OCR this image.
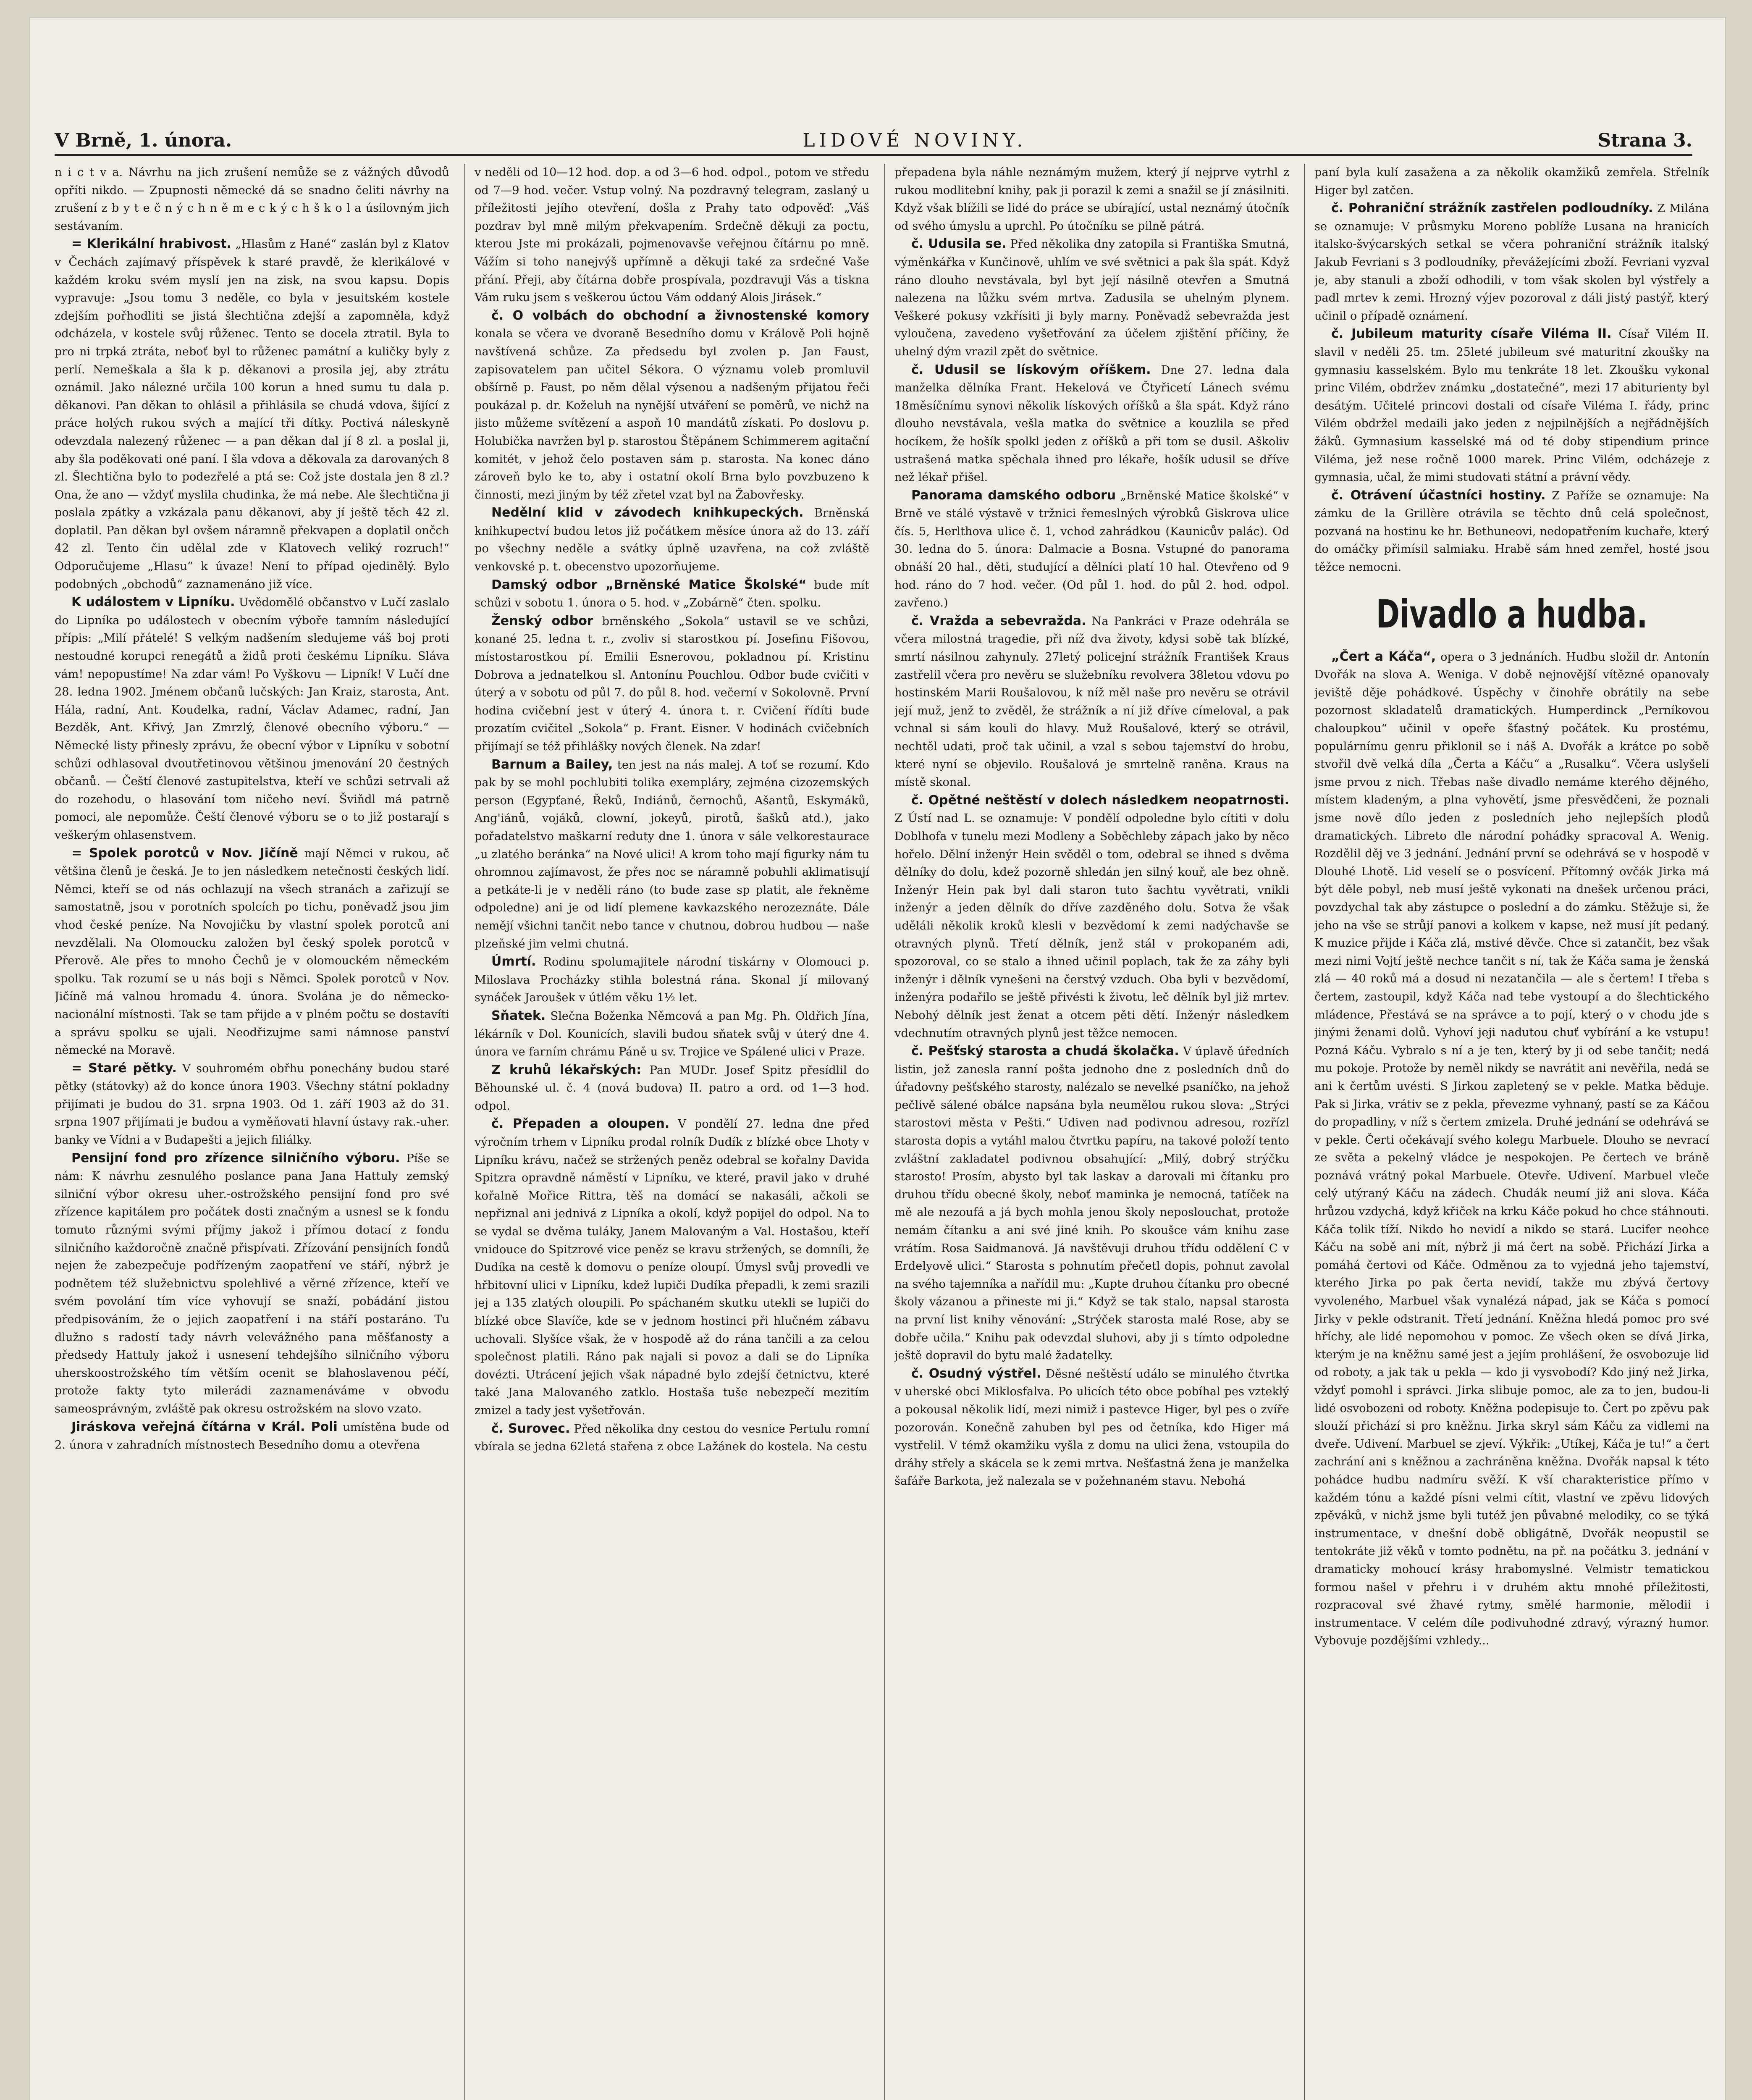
V Brně, 1. února.	LIDOVÉ NOVINY.	Strana 3.

n i c t v a. Návrhu na jich zrušení nemůže se z vážných důvodů opříti nikdo. — Zpupnosti německé dá se snadno čeliti návrhy na zrušení z b y t e č n ý c h n ě m e c k ý c h š k o l a úsilovným jich sestávaním.

= Klerikální hrabivost. „Hlasům z Hané“ zaslán byl z Klatov v Čechách zajímavý příspěvek k staré pravdě, že klerikálové v každém kroku svém myslí jen na zisk, na svou kapsu. Dopis vypravuje: „Jsou tomu 3 neděle, co byla v jesuitském kostele zdejším pořhodliti se jistá šlechtična zdejší a zapomněla, když odcházela, v kostele svůj růženec. Tento se docela ztratil. Byla to pro ni trpká ztráta, neboť byl to růženec památní a kuličky byly z perlí. Nemeškala a šla k p. děkanovi a prosila jej, aby ztrátu oznámil. Jako nálezné určila 100 korun a hned sumu tu dala p. děkanovi. Pan děkan to ohlásil a přihlásila se chudá vdova, šijící z práce holých rukou svých a mající tři dítky. Poctivá náleskyně odevzdala nalezený růženec — a pan děkan dal jí 8 zl. a poslal ji, aby šla poděkovati oné paní. I šla vdova a děkovala za darovaných 8 zl. Šlechtična bylo to podezřelé a ptá se: Což jste dostala jen 8 zl.? Ona, že ano — vždyť myslila chudinka, že má nebe. Ale šlechtična ji poslala zpátky a vzkázala panu děkanovi, aby jí ještě těch 42 zl. doplatil. Pan děkan byl ovšem náramně překvapen a doplatil ončch 42 zl. Tento čin udělal zde v Klatovech veliký rozruch!“ Odporučujeme „Hlasu“ k úvaze! Není to případ ojedinělý. Bylo podobných „obchodů“ zaznamenáno již více.

K událostem v Lipníku. Uvědomělé občanstvo v Lučí zaslalo do Lipníka po událostech v obecním výboře tamním následující přípis: „Milí přátelé! S velkým nadšením sledujeme váš boj proti nestoudné korupci renegátů a židů proti českému Lipníku. Sláva vám! nepopustíme! Na zdar vám! Po Vyškovu — Lipník! V Lučí dne 28. ledna 1902. Jménem občanů lučských: Jan Kraiz, starosta, Ant. Hála, radní, Ant. Koudelka, radní, Václav Adamec, radní, Jan Bezděk, Ant. Křivý, Jan Zmrzlý, členové obecního výboru.“ — Německé listy přinesly zprávu, že obecní výbor v Lipníku v sobotní schůzi odhlasoval dvoutřetinovou většinou jmenování 20 čestných občanů. — Čeští členové zastupitelstva, kteří ve schůzi setrvali až do rozehodu, o hlasování tom ničeho neví. Šviňdl má patrně pomoci, ale nepomůže. Čeští členové výboru se o to již postarají s veškerým ohlasenstvem.

= Spolek porotců v Nov. Jičíně mají Němci v rukou, ač většina členů je česká. Je to jen následkem netečnosti českých lidí. Němci, kteří se od nás ochlazují na všech stranách a zařizují se samostatně, jsou v porotních spolcích po tichu, poněvadž jsou jim vhod české peníze. Na Novojičku by vlastní spolek porotců ani nevzdělali. Na Olomoucku založen byl český spolek porotců v Přerově. Ale přes to mnoho Čechů je v olomouckém německém spolku. Tak rozumí se u nás boji s Němci. Spolek porotců v Nov. Jičíně má valnou hromadu 4. února. Svolána je do německo-nacionální místnosti. Tak se tam přijde a v plném počtu se dostavíti a správu spolku se ujali. Neodřizujme sami námnose panství německé na Moravě.

= Staré pětky. V souhromém obřhu ponechány budou staré pětky (státovky) až do konce února 1903. Všechny státní pokladny přijímati je budou do 31. srpna 1903. Od 1. září 1903 až do 31. srpna 1907 přijímati je budou a vyměňovati hlavní ústavy rak.-uher. banky ve Vídni a v Budapešti a jejich filiálky.

Pensijní fond pro zřízence silničního výboru. Píše se nám: K návrhu zesnulého poslance pana Jana Hattuly zemský silniční výbor okresu uher.-ostrožského pensijní fond pro své zřízence kapitálem pro počátek dosti značným a usnesl se k fondu tomuto různými svými příjmy jakož i přímou dotací z fondu silničního každoročně značně přispívati. Zřízování pensijních fondů nejen že zabezpečuje podřízeným zaopatření ve stáří, nýbrž je podnětem též služebnictvu spolehlivé a věrné zřízence, kteří ve svém povolání tím více vyhovují se snaží, pobádání jistou předpisováním, že o jejich zaopatření i na stáří postaráno. Tu dlužno s radostí tady návrh velevážného pana měšťanosty a předsedy Hattuly jakož i usnesení tehdejšího silničního výboru uherskoostrožského tím větším ocenit se blahoslavenou péčí, protože fakty tyto milerádi zaznamenáváme v obvodu sameosprávným, zvláště pak okresu ostrožském na slovo vzato.

Jiráskova veřejná čítárna v Král. Poli umístěna bude od 2. února v zahradních místnostech Besedního domu a otevřena

v neděli od 10—12 hod. dop. a od 3—6 hod. odpol., potom ve středu od 7—9 hod. večer. Vstup volný. Na pozdravný telegram, zaslaný u příležitosti jejího otevření, došla z Prahy tato odpověď: „Váš pozdrav byl mně milým překvapením. Srdečně děkuji za poctu, kterou Jste mi prokázali, pojmenovavše veřejnou čítárnu po mně. Vážím si toho nanejvýš upřímně a děkuji také za srdečné Vaše přání. Přeji, aby čítárna dobře prospívala, pozdravuji Vás a tiskna Vám ruku jsem s veškerou úctou Vám oddaný Alois Jirásek.“

č. O volbách do obchodní a živnostenské komory konala se včera ve dvoraně Besedního domu v Králově Poli hojně navštívená schůze. Za předsedu byl zvolen p. Jan Faust, zapisovatelem pan učitel Sékora. O významu voleb promluvil obšírně p. Faust, po něm dělal výsenou a nadšeným přijatou řeči poukázal p. dr. Koželuh na nynější utváření se poměrů, ve nichž na jisto můžeme svítězení a aspoň 10 mandátů získati. Po doslovu p. Holubička navržen byl p. starostou Štěpánem Schimmerem agitační komitét, v jehož čelo postaven sám p. starosta. Na konec dáno zároveň bylo ke to, aby i ostatní okolí Brna bylo povzbuzeno k činnosti, mezi jiným by též zřetel vzat byl na Žabovřesky.

Nedělní klid v závodech knihkupeckých. Brněnská knihkupectví budou letos již počátkem měsíce února až do 13. září po všechny neděle a svátky úplně uzavřena, na což zvláště venkovské p. t. obecenstvo upozorňujeme.

Damský odbor „Brněnské Matice Školské“ bude mít schůzi v sobotu 1. února o 5. hod. v „Zobárně“ čten. spolku.

Ženský odbor brněnského „Sokola“ ustavil se ve schůzi, konané 25. ledna t. r., zvoliv si starostkou pí. Josefinu Fišovou, místostarostkou pí. Emilii Esnerovou, pokladnou pí. Kristinu Dobrova a jednatelkou sl. Antonínu Pouchlou. Odbor bude cvičiti v úterý a v sobotu od půl 7. do půl 8. hod. večerní v Sokolovně. První hodina cvičební jest v úterý 4. února t. r. Cvičení řídíti bude prozatím cvičitel „Sokola“ p. Frant. Eisner. V hodinách cvičebních přijímají se též přihlášky nových členek. Na zdar!

Barnum a Bailey, ten jest na nás malej. A toť se rozumí. Kdo pak by se mohl pochlubiti tolika exempláry, zejména cizozemských person (Egypťané, Řeků, Indiánů, černochů, Ašantů, Eskymáků, Ang'iánů, vojáků, clowní, jokeyů, pirotů, šašků atd.), jako pořadatelstvo maškarní reduty dne 1. února v sále velkorestaurace „u zlatého beránka“ na Nové ulici! A krom toho mají figurky nám tu ohromnou zajímavost, že přes noc se náramně pobuhli aklimatisují a petkáte-li je v neděli ráno (to bude zase sp platit, ale řekněme odpoledne) ani je od lidí plemene kavkazského nerozeznáte. Dále nemějí všichni tančit nebo tance v chutnou, dobrou hudbou — naše plzeňské jim velmi chutná.

Úmrtí. Rodinu spolumajitele národní tiskárny v Olomouci p. Miloslava Procházky stihla bolestná rána. Skonal jí milovaný synáček Jaroušek v útlém věku 1½ let.

Sňatek. Slečna Boženka Němcová a pan Mg. Ph. Oldřich Jína, lékárník v Dol. Kounicích, slavili budou sňatek svůj v úterý dne 4. února ve farním chrámu Páně u sv. Trojice ve Spálené ulici v Praze.

Z kruhů lékařských: Pan MUDr. Josef Spitz přesídlil do Běhounské ul. č. 4 (nová budova) II. patro a ord. od 1—3 hod. odpol.

č. Přepaden a oloupen. V pondělí 27. ledna dne před výročním trhem v Lipníku prodal rolník Dudík z blízké obce Lhoty v Lipníku krávu, načež se stržených peněz odebral se kořalny Davida Spitzra opravdně náměstí v Lipníku, ve které, pravil jako v druhé kořalně Mořice Rittra, těš na domácí se nakasáli, ačkoli se nepřiznal ani jednivá z Lipníka a okolí, když popijel do odpol. Na to se vydal se dvěma tuláky, Janem Malovaným a Val. Hostašou, kteří vnidouce do Spitzrové vice peněz se kravu stržených, se domníli, že Dudíka na cestě k domovu o peníze oloupí. Úmysl svůj provedli ve hřbitovní ulici v Lipníku, kdež lupiči Dudíka přepadli, k zemi srazili jej a 135 zlatých oloupili. Po spáchaném skutku utekli se lupiči do blízké obce Slavíče, kde se v jednom hostinci při hlučném zábavu uchovali. Slyšíce však, že v hospodě až do rána tančili a za celou společnost platili. Ráno pak najali si povoz a dali se do Lipníka dovézti. Utrácení jejich však nápadné bylo zdejší četnictvu, které také Jana Malovaného zatklo. Hostaša tuše nebezpečí mezitím zmizel a tady jest vyšetřován.

č. Surovec. Před několika dny cestou do vesnice Pertulu romní vbírala se jedna 62letá stařena z obce Lažánek do kostela. Na cestu

přepadena byla náhle neznámým mužem, který jí nejprve vytrhl z rukou modlitební knihy, pak ji porazil k zemi a snažil se jí znásilniti. Když však blížili se lidé do práce se ubírající, ustal neznámý útočník od svého úmyslu a uprchl. Po útočníku se pilně pátrá.

č. Udusila se. Před několika dny zatopila si Františka Smutná, výměnkářka v Kunčinově, uhlím ve své světnici a pak šla spát. Když ráno dlouho nevstávala, byl byt její násilně otevřen a Smutná nalezena na lůžku svém mrtva. Zadusila se uhelným plynem. Veškeré pokusy vzkřísiti ji byly marny. Poněvadž sebevražda jest vyloučena, zavedeno vyšetřování za účelem zjištění příčiny, že uhelný dým vrazil zpět do světnice.

č. Udusil se lískovým oříškem. Dne 27. ledna dala manželka dělníka Frant. Hekelová ve Čtyřicetí Lánech svému 18měsíčnímu synovi několik lískových oříšků a šla spát. Když ráno dlouho nevstávala, vešla matka do světnice a kouzlila se před hocíkem, že hošík spolkl jeden z oříšků a při tom se dusil. Aškoliv ustrašená matka spěchala ihned pro lékaře, hošík udusil se dříve než lékař přišel.

Panorama damského odboru „Brněnské Matice školské“ v Brně ve stálé výstavě v tržnici řemeslných výrobků Giskrova ulice čís. 5, Herlthova ulice č. 1, vchod zahrádkou (Kaunicův palác). Od 30. ledna do 5. února: Dalmacie a Bosna. Vstupné do panorama obnáší 20 hal., děti, studující a dělníci platí 10 hal. Otevřeno od 9 hod. ráno do 7 hod. večer. (Od půl 1. hod. do půl 2. hod. odpol. zavřeno.)

č. Vražda a sebevražda. Na Pankráci v Praze odehrála se včera milostná tragedie, při níž dva životy, kdysi sobě tak blízké, smrtí násilnou zahynuly. 27letý policejní strážník František Kraus zastřelil včera pro nevěru se služebníku revolvera 38letou vdovu po hostinském Marii Roušalovou, k níž měl naše pro nevěru se otrávil její muž, jenž to zvěděl, že strážník a ní již dříve címeloval, a pak vchnal si sám kouli do hlavy. Muž Roušalové, který se otrávil, nechtěl udati, proč tak učinil, a vzal s sebou tajemství do hrobu, které nyní se objevilo. Roušalová je smrtelně raněna. Kraus na místě skonal.

č. Opětné neštěstí v dolech následkem neopatrnosti. Z Ústí nad L. se oznamuje: V pondělí odpoledne bylo cítiti v dolu Doblhofa v tunelu mezi Modleny a Soběchleby zápach jako by něco hořelo. Dělní inženýr Hein svěděl o tom, odebral se ihned s dvěma dělníky do dolu, kdež pozorně shledán jen silný kouř, ale bez ohně. Inženýr Hein pak byl dali staron tuto šachtu vyvětrati, vnikli inženýr a jeden dělník do dříve zazděného dolu. Sotva že však uděláli několik kroků klesli v bezvědomí k zemi nadýchavše se otravných plynů. Třetí dělník, jenž stál v prokopaném adi, spozoroval, co se stalo a ihned učinil poplach, tak že za záhy byli inženýr i dělník vynešeni na čerstvý vzduch. Oba byli v bezvědomí, inženýra podařilo se ještě přivésti k životu, leč dělník byl již mrtev. Nebohý dělník jest ženat a otcem pěti dětí. Inženýr následkem vdechnutím otravných plynů jest těžce nemocen.

č. Pešťský starosta a chudá školačka. V úplavě úředních listin, jež zanesla ranní pošta jednoho dne z posledních dnů do úřadovny pešťského starosty, nalézalo se nevelké psaníčko, na jehož pečlivě sálené obálce napsána byla neumělou rukou slova: „Strýci starostovi města v Pešti.“ Udiven nad podivnou adresou, rozřízl starosta dopis a vytáhl malou čtvrtku papíru, na takové položí tento zvláštní zakladatel podivnou obsahující: „Milý, dobrý strýčku starosto! Prosím, abysto byl tak laskav a darovali mi čítanku pro druhou třídu obecné školy, neboť maminka je nemocná, tatíček na mě ale nezoufá a já bych mohla jenou školy neposlouchat, protože nemám čítanku a ani své jiné knih. Po skoušce vám knihu zase vrátím. Rosa Saidmanová. Já navštěvuji druhou třídu oddělení C v Erdelyově ulici.“ Starosta s pohnutím přečetl dopis, pohnut zavolal na svého tajemníka a nařídil mu: „Kupte druhou čítanku pro obecné školy vázanou a přineste mi ji.“ Když se tak stalo, napsal starosta na první list knihy věnování: „Strýček starosta malé Rose, aby se dobře učila.“ Knihu pak odevzdal sluhovi, aby ji s tímto odpoledne ještě dopravil do bytu malé žadatelky.

č. Osudný výstřel. Děsné neštěstí událo se minulého čtvrtka v uherské obci Miklosfalva. Po ulicích této obce pobíhal pes vzteklý a pokousal několik lidí, mezi nimiž i pastevce Higer, byl pes o zvíře pozorován. Konečně zahuben byl pes od četníka, kdo Higer má vystřelil. V témž okamžiku vyšla z domu na ulici žena, vstoupila do dráhy střely a skácela se k zemi mrtva. Nešťastná žena je manželka šafáře Barkota, jež nalezala se v požehnaném stavu. Nebohá

paní byla kulí zasažena a za několik okamžiků zemřela. Střelník Higer byl zatčen.

č. Pohraniční strážník zastřelen podloudníky. Z Milána se oznamuje: V průsmyku Moreno poblíže Lusana na hranicích italsko-švýcarských setkal se včera pohraniční strážník italský Jakub Fevriani s 3 podloudníky, převážejícími zboží. Fevriani vyzval je, aby stanuli a zboží odhodili, v tom však skolen byl výstřely a padl mrtev k zemi. Hrozný výjev pozoroval z dáli jistý pastýř, který učinil o případě oznámení.

č. Jubileum maturity císaře Viléma II. Císař Vilém II. slavil v neděli 25. tm. 25leté jubileum své maturitní zkoušky na gymnasiu kasselském. Bylo mu tenkráte 18 let. Zkoušku vykonal princ Vilém, obdržev známku „dostatečné“, mezi 17 abiturienty byl desátým. Učitelé princovi dostali od císaře Viléma I. řády, princ Vilém obdržel medaili jako jeden z nejpilnějších a nejřádnějších žáků. Gymnasium kasselské má od té doby stipendium prince Viléma, jež nese ročně 1000 marek. Princ Vilém, odcházeje z gymnasia, učal, že mimi studovati státní a právní vědy.

č. Otrávení účastníci hostiny. Z Paříže se oznamuje: Na zámku de la Grillère otrávila se těchto dnů celá společnost, pozvaná na hostinu ke hr. Bethuneovi, nedopatřením kuchaře, který do omáčky přimísil salmiaku. Hrabě sám hned zemřel, hosté jsou těžce nemocni.

Divadlo a hudba.

„Čert a Káča“, opera o 3 jednáních. Hudbu složil dr. Antonín Dvořák na slova A. Weniga. V době nejnovější vítězné opanovaly jeviště děje pohádkové. Úspěchy v činohře obrátily na sebe pozornost skladatelů dramatických. Humperdinck „Perníkovou chaloupkou“ učinil v opeře šťastný počátek. Ku prostému, populárnímu genru přiklonil se i náš A. Dvořák a krátce po sobě stvořil dvě velká díla „Čerta a Káču“ a „Rusalku“. Včera uslyšeli jsme prvou z nich. Třebas naše divadlo nemáme kterého dějného, místem kladeným, a plna vyhovětí, jsme přesvědčeni, že poznali jsme nově dílo jeden z posledních jeho nejlepších plodů dramatických. Libreto dle národní pohádky spracoval A. Wenig. Rozdělil děj ve 3 jednání. Jednání první se odehrává se v hospodě v Dlouhé Lhotě. Lid veselí se o posvícení. Přítomný ovčák Jirka má být děle pobyl, neb musí ještě vykonati na dnešek určenou práci, povzdychal tak aby zástupce o poslední a do zámku. Stěžuje si, že jeho na vše se strůjí panovi a kolkem v kapse, než musí jít pedaný. K muzice přijde i Káča zlá, mstivé děvče. Chce si zatančit, bez však mezi nimi Vojtí ještě nechce tančit s ní, tak že Káča sama je ženská zlá — 40 roků má a dosud ni nezatančila — ale s čertem! I třeba s čertem, zastoupil, když Káča nad tebe vystoupí a do šlechtického mládence, Přestává se na správce a to pojí, který o v chodu jde s jinými ženami dolů. Vyhoví jeji nadutou chuť vybírání a ke vstupu! Pozná Káču. Vybralo s ní a je ten, který by ji od sebe tančit; nedá mu pokoje. Protože by neměl nikdy se navrátit ani nevěřila, nedá se ani k čertům uvésti. S Jirkou zapletený se v pekle. Matka běduje. Pak si Jirka, vrátiv se z pekla, převezme vyhnaný, pastí se za Káčou do propadliny, v níž s čertem zmizela. Druhé jednání se odehrává se v pekle. Čerti očekávají svého kolegu Marbuele. Dlouho se nevrací ze světa a pekelný vládce je nespokojen. Pe čertech ve bráně poznává vrátný pokal Marbuele. Otevře. Udivení. Marbuel vleče celý utýraný Káču na zádech. Chudák neumí již ani slova. Káča hrůzou vzdychá, když křiček na krku Káče pokud ho chce stáhnouti. Káča tolik tíží. Nikdo ho nevidí a nikdo se stará. Lucifer neohce Káču na sobě ani mít, nýbrž ji má čert na sobě. Přichází Jirka a pomáhá čertovi od Káče. Odměnou za to vyjedná jeho tajemství, kterého Jirka po pak čerta nevidí, takže mu zbývá čertovy vyvoleného, Marbuel však vynalézá nápad, jak se Káča s pomocí Jirky v pekle odstranit. Třetí jednání. Kněžna hledá pomoc pro své hříchy, ale lidé nepomohou v pomoc. Ze všech oken se dívá Jirka, kterým je na kněžnu samé jest a jejím prohlášení, že osvobozuje lid od roboty, a jak tak u pekla — kdo ji vysvobodí? Kdo jiný než Jirka, vždyť pomohl i správci. Jirka slibuje pomoc, ale za to jen, budou-li lidé osvobozeni od roboty. Kněžna podepisuje to. Čert po zpěvu pak slouží přichází si pro kněžnu. Jirka skryl sám Káču za vidlemi na dveře. Udivení. Marbuel se zjeví. Výkřik: „Utíkej, Káča je tu!“ a čert zachrání ani s kněžnou a zachráněna kněžna. Dvořák napsal k této pohádce hudbu nadmíru svěží. K vší charakteristice přímo v každém tónu a každé písni velmi cítit, vlastní ve zpěvu lidových zpěváků, v nichž jsme byli tutéž jen půvabné melodiky, co se týká instrumentace, v dnešní době obligátně, Dvořák neopustil se tentokráte již věků v tomto podnětu, na př. na počátku 3. jednání v dramaticky mohoucí krásy hrabomyslné. Velmistr tematickou formou našel v přehru i v druhém aktu mnohé příležitosti, rozpracoval své žhavé rytmy, smělé harmonie, mělodii i instrumentace. V celém díle podivuhodné zdravý, výrazný humor. Vybovuje pozdějšími vzhledy...
